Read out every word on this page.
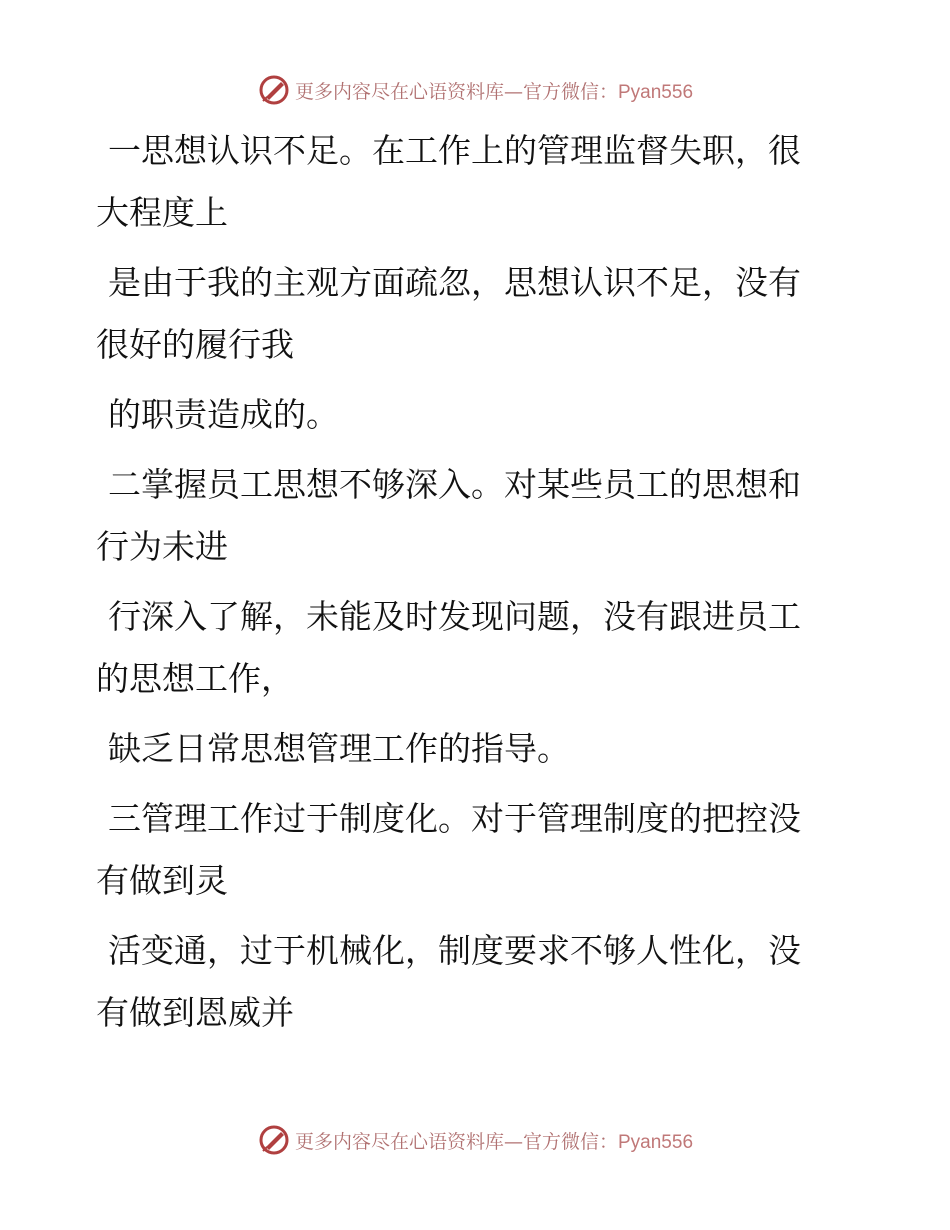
更多内容尽在心语资料库—官方微信：Pyan556
一思想认识不足。在工作上的管理监督失职，很
大程度上
是由于我的主观方面疏忽，思想认识不足，没有
很好的履行我
的职责造成的。
二掌握员工思想不够深入。对某些员工的思想和
行为未进
行深入了解，未能及时发现问题，没有跟进员工
的思想工作，
缺乏日常思想管理工作的指导。
三管理工作过于制度化。对于管理制度的把控没
有做到灵
活变通，过于机械化，制度要求不够人性化，没
有做到恩威并
更多内容尽在心语资料库—官方微信：Pyan556
